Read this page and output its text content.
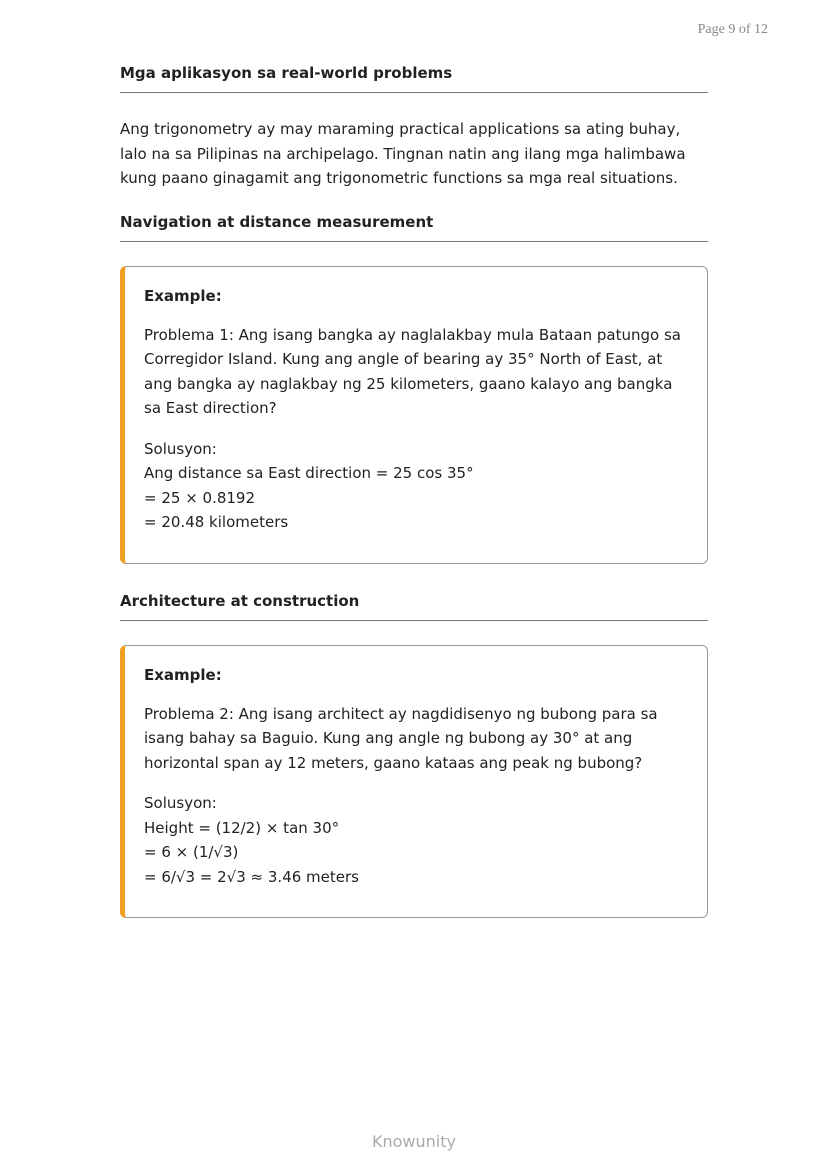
Page 9 of 12
Mga aplikasyon sa real-world problems

Ang trigonometry ay may maraming practical applications sa ating buhay, lalo na sa Pilipinas na archipelago. Tingnan natin ang ilang mga halimbawa kung paano ginagamit ang trigonometric functions sa mga real situations.

Navigation at distance measurement

Example:

Problema 1: Ang isang bangka ay naglalakbay mula Bataan patungo sa Corregidor Island. Kung ang angle of bearing ay 35° North of East, at ang bangka ay naglakbay ng 25 kilometers, gaano kalayo ang bangka sa East direction?

Solusyon:

Ang distance sa East direction = 25 cos 35°

= 25 × 0.8192

= 20.48 kilometers

Architecture at construction

Example:

Problema 2: Ang isang architect ay nagdidisenyo ng bubong para sa isang bahay sa Baguio. Kung ang angle ng bubong ay 30° at ang horizontal span ay 12 meters, gaano kataas ang peak ng bubong?

Solusyon:

Height = (12/2) × tan 30°

= 6 × (1/√3)

= 6/√3 = 2√3 ≈ 3.46 meters

Knowunity
